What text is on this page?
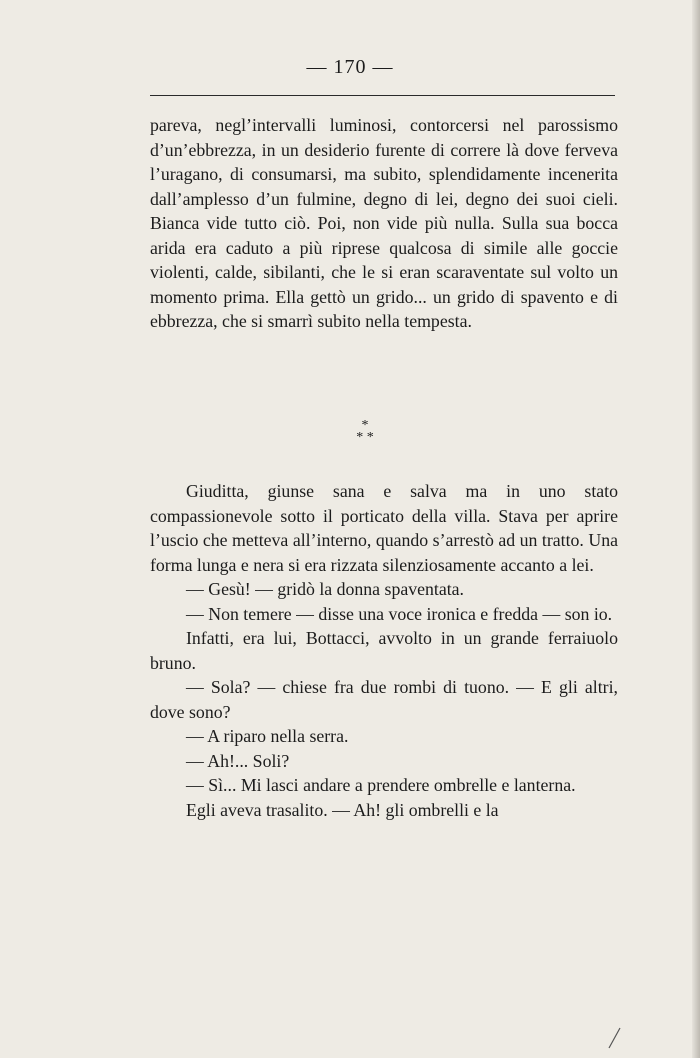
— 170 —

pareva, negl’intervalli luminosi, contorcersi nel parossismo d’un’ebbrezza, in un desiderio furente di correre là dove ferveva l’uragano, di consumarsi, ma subito, splendidamente incenerita dall’amplesso d’un fulmine, degno di lei, degno dei suoi cieli. Bianca vide tutto ciò. Poi, non vide più nulla. Sulla sua bocca arida era caduto a più riprese qualcosa di simile alle goccie violenti, calde, sibilanti, che le si eran scaraventate sul volto un momento prima. Ella gettò un grido... un grido di spavento e di ebbrezza, che si smarrì subito nella tempesta.

*
* *

Giuditta, giunse sana e salva ma in uno stato compassionevole sotto il porticato della villa. Stava per aprire l’uscio che metteva all’interno, quando s’arrestò ad un tratto. Una forma lunga e nera si era rizzata silenziosamente accanto a lei.

— Gesù! — gridò la donna spaventata.

— Non temere — disse una voce ironica e fredda — son io.

Infatti, era lui, Bottacci, avvolto in un grande ferraiuolo bruno.

— Sola? — chiese fra due rombi di tuono. — E gli altri, dove sono?

— A riparo nella serra.

— Ah!... Soli?

— Sì... Mi lasci andare a prendere ombrelle e lanterna.

Egli aveva trasalito. — Ah! gli ombrelli e la
